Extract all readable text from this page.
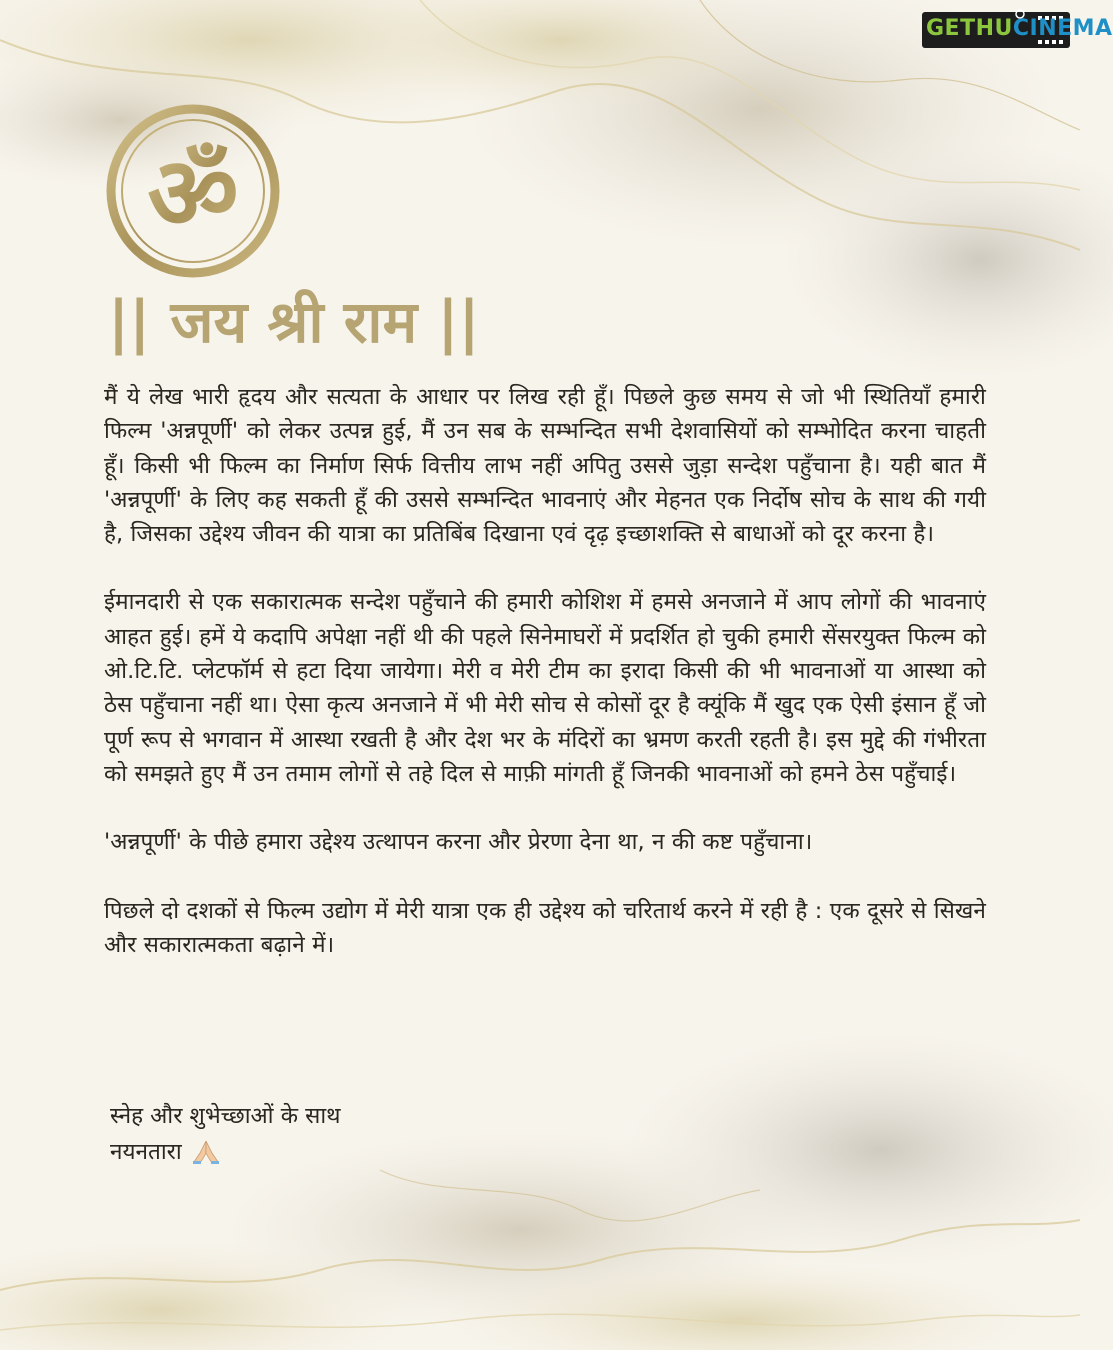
GETHUCINEMA
ॐ
|| जय श्री राम ||

मैं ये लेख भारी हृदय और सत्यता के आधार पर लिख रही हूँ। पिछले कुछ समय से जो भी स्थितियाँ हमारी फिल्म 'अन्नपूर्णी' को लेकर उत्पन्न हुई, मैं उन सब के सम्भन्दित सभी देशवासियों को सम्भोदित करना चाहती हूँ। किसी भी फिल्म का निर्माण सिर्फ वित्तीय लाभ नहीं अपितु उससे जुड़ा सन्देश पहुँचाना है। यही बात मैं 'अन्नपूर्णी' के लिए कह सकती हूँ की उससे सम्भन्दित भावनाएं और मेहनत एक निर्दोष सोच के साथ की गयी है, जिसका उद्देश्य जीवन की यात्रा का प्रतिबिंब दिखाना एवं दृढ़ इच्छाशक्ति से बाधाओं को दूर करना है।

ईमानदारी से एक सकारात्मक सन्देश पहुँचाने की हमारी कोशिश में हमसे अनजाने में आप लोगों की भावनाएं आहत हुई। हमें ये कदापि अपेक्षा नहीं थी की पहले सिनेमाघरों में प्रदर्शित हो चुकी हमारी सेंसरयुक्त फिल्म को ओ.टि.टि. प्लेटफॉर्म से हटा दिया जायेगा। मेरी व मेरी टीम का इरादा किसी की भी भावनाओं या आस्था को ठेस पहुँचाना नहीं था। ऐसा कृत्य अनजाने में भी मेरी सोच से कोसों दूर है क्यूंकि मैं खुद एक ऐसी इंसान हूँ जो पूर्ण रूप से भगवान में आस्था रखती है और देश भर के मंदिरों का भ्रमण करती रहती है। इस मुद्दे की गंभीरता को समझते हुए मैं उन तमाम लोगों से तहे दिल से माफ़ी मांगती हूँ जिनकी भावनाओं को हमने ठेस पहुँचाई।

'अन्नपूर्णी' के पीछे हमारा उद्देश्य उत्थापन करना और प्रेरणा देना था, न की कष्ट पहुँचाना।

पिछले दो दशकों से फिल्म उद्योग में मेरी यात्रा एक ही उद्देश्य को चरितार्थ करने में रही है : एक दूसरे से सिखने और सकारात्मकता बढ़ाने में।

स्नेह और शुभेच्छाओं के साथ
नयनतारा
